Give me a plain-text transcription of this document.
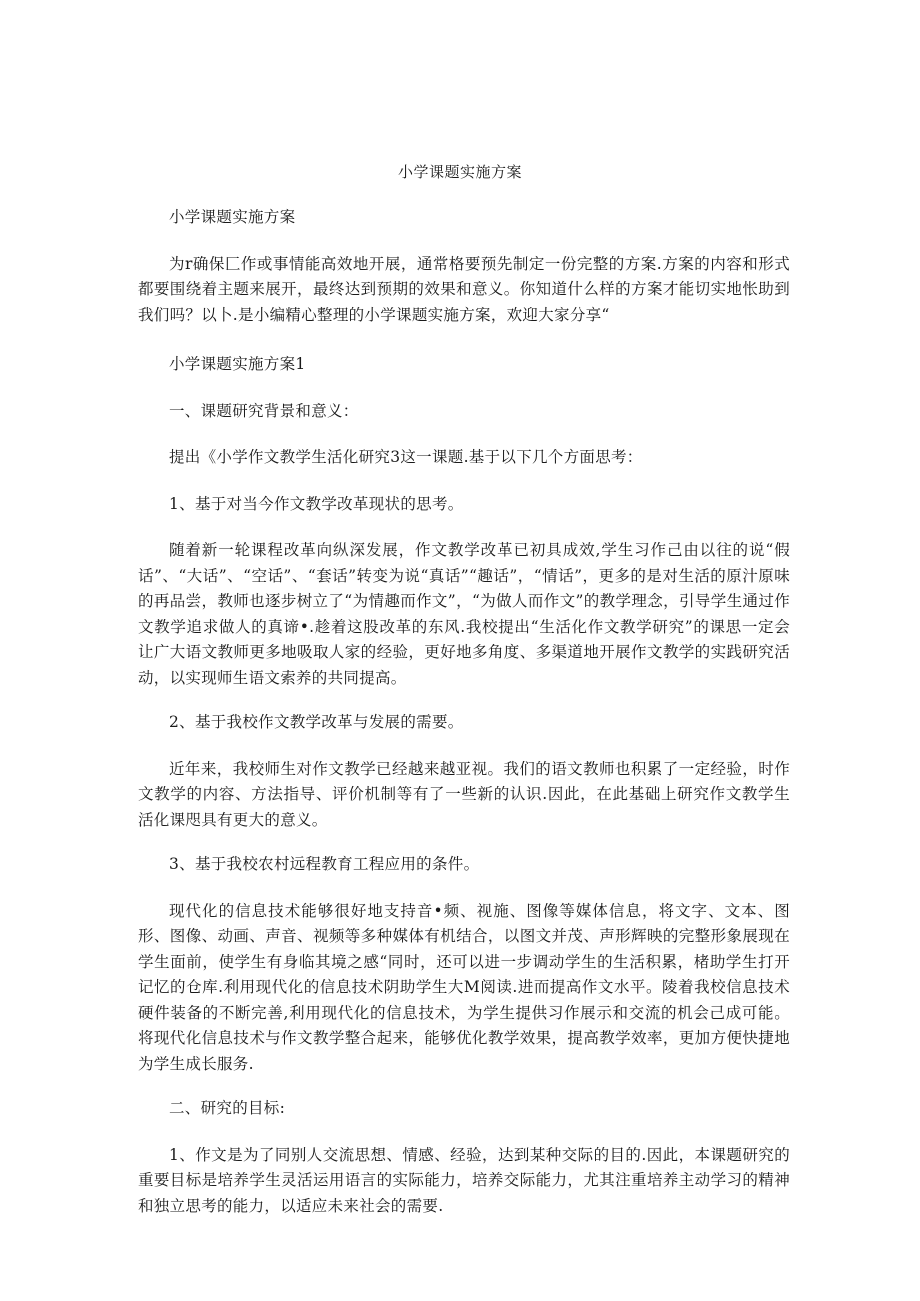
小学课题实施方案

小学课题实施方案

为r确保匚作或事情能高效地开展，通常格要预先制定一份完整的方案.方案的内容和形式都要围绕着主题来展开，最终达到预期的效果和意义。你知道什么样的方案才能切实地怅助到我们吗？以卜.是小编精心整理的小学课题实施方案，欢迎大家分享“

小学课题实施方案1

一、课题研究背景和意义：

提出《小学作文教学生活化研究3这一课题.基于以下几个方面思考：

1、基于对当今作文教学改革现状的思考。

随着新一轮课程改革向纵深发展，作文教学改革已初具成效,学生习作己由以往的说“假话”、“大话”、“空话”、“套话”转变为说“真话”“趣话”，“情话”，更多的是对生活的原汁原味的再品尝，教师也逐步树立了“为情趣而作文”，“为做人而作文”的教学理念，引导学生通过作文教学追求做人的真谛•.趁着这股改革的东风.我校提出“生活化作文教学研究”的课思一定会让广大语文教师更多地吸取人家的经验，更好地多角度、多渠道地开展作文教学的实践研究活动，以实现师生语文索养的共同提高。

2、基于我校作文教学改革与发展的需要。

近年来，我校师生对作文教学已经越来越亚视。我们的语文教师也积累了一定经验，时作文教学的内容、方法指导、评价机制等有了一些新的认识.因此，在此基础上研究作文教学生活化课咫具有更大的意义。

3、基于我校农村远程教育工程应用的条件。

现代化的信息技术能够很好地支持音•频、视施、图像等媒体信息，将文字、文本、图形、图像、动画、声音、视频等多种媒体有机结合，以图文并茂、声形辉映的完整形象展现在学生面前，使学生有身临其境之感“同时，还可以进一步调动学生的生活积累，楮助学生打开记忆的仓库.利用现代化的信息技术阴助学生大M阅读.进而提高作文水平。陵着我校信息技术硬件装备的不断完善,利用现代化的信息技术，为学生提供习作展示和交流的机会己成可能。将现代化信息技术与作文教学整合起来，能够优化教学效果，提高教学效率，更加方便快捷地为学生成长服务.

二、研究的目标:

1、作文是为了同别人交流思想、情感、经验，达到某种交际的目的.因此，本课题研究的重要目标是培养学生灵活运用语言的实际能力，培养交际能力，尤其注重培养主动学习的精神和独立思考的能力，以适应未来社会的需要.
